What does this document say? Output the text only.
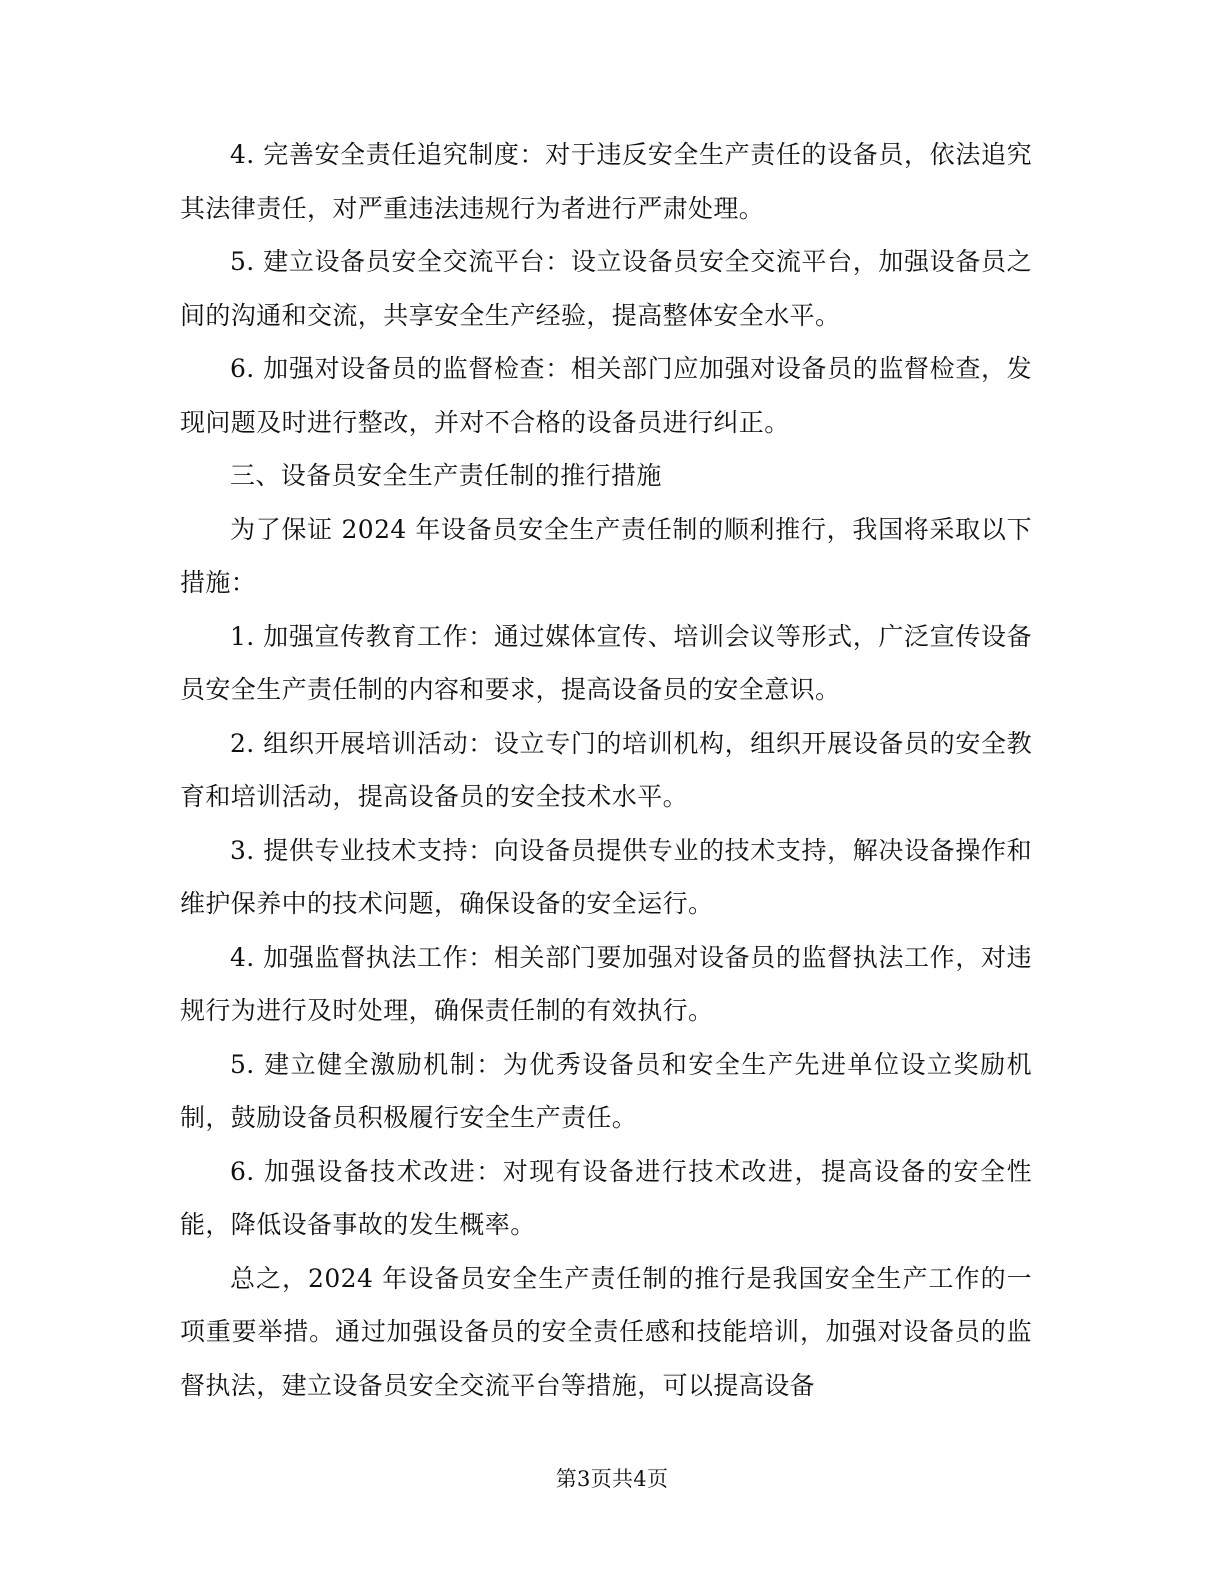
4. 完善安全责任追究制度：对于违反安全生产责任的设备员，依法追究其法律责任，对严重违法违规行为者进行严肃处理。

5. 建立设备员安全交流平台：设立设备员安全交流平台，加强设备员之间的沟通和交流，共享安全生产经验，提高整体安全水平。

6. 加强对设备员的监督检查：相关部门应加强对设备员的监督检查，发现问题及时进行整改，并对不合格的设备员进行纠正。

三、设备员安全生产责任制的推行措施

为了保证 2024 年设备员安全生产责任制的顺利推行，我国将采取以下措施：

1. 加强宣传教育工作：通过媒体宣传、培训会议等形式，广泛宣传设备员安全生产责任制的内容和要求，提高设备员的安全意识。

2. 组织开展培训活动：设立专门的培训机构，组织开展设备员的安全教育和培训活动，提高设备员的安全技术水平。

3. 提供专业技术支持：向设备员提供专业的技术支持，解决设备操作和维护保养中的技术问题，确保设备的安全运行。

4. 加强监督执法工作：相关部门要加强对设备员的监督执法工作，对违规行为进行及时处理，确保责任制的有效执行。

5. 建立健全激励机制：为优秀设备员和安全生产先进单位设立奖励机制，鼓励设备员积极履行安全生产责任。

6. 加强设备技术改进：对现有设备进行技术改进，提高设备的安全性能，降低设备事故的发生概率。

总之，2024 年设备员安全生产责任制的推行是我国安全生产工作的一项重要举措。通过加强设备员的安全责任感和技能培训，加强对设备员的监督执法，建立设备员安全交流平台等措施，可以提高设备

第3页共4页
